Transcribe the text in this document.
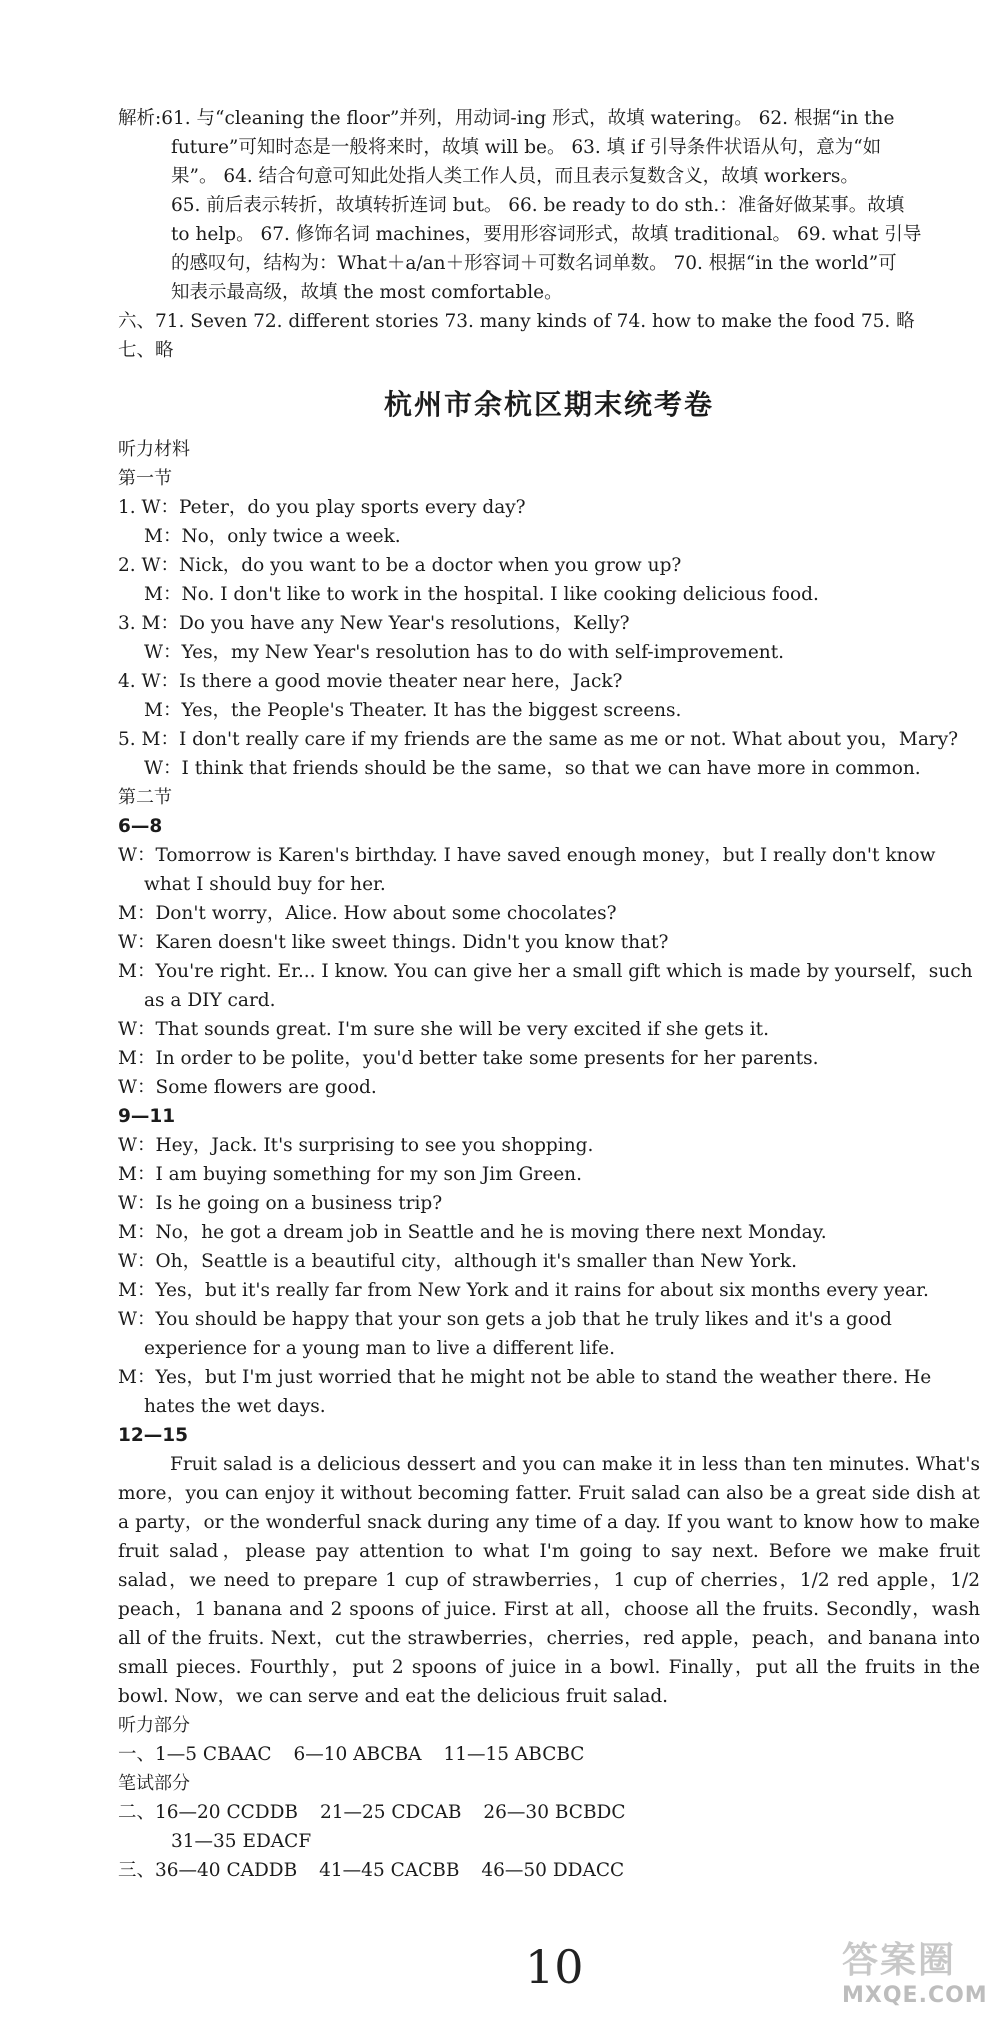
解析:61. 与“cleaning the floor”并列，用动词-ing 形式，故填 watering。 62. 根据“in the

future”可知时态是一般将来时，故填 will be。 63. 填 if 引导条件状语从句，意为“如

果”。 64. 结合句意可知此处指人类工作人员，而且表示复数含义，故填 workers。

65. 前后表示转折，故填转折连词 but。 66. be ready to do sth.：准备好做某事。故填

to help。 67. 修饰名词 machines，要用形容词形式，故填 traditional。 69. what 引导

的感叹句，结构为：What＋a/an＋形容词＋可数名词单数。 70. 根据“in the world”可

知表示最高级，故填 the most comfortable。

六、71. Seven 72. different stories 73. many kinds of 74. how to make the food 75. 略

七、略

杭州市余杭区期末统考卷

听力材料

第一节

1. W：Peter，do you play sports every day?

M：No，only twice a week.

2. W：Nick，do you want to be a doctor when you grow up?

M：No. I don't like to work in the hospital. I like cooking delicious food.

3. M：Do you have any New Year's resolutions，Kelly?

W：Yes，my New Year's resolution has to do with self-improvement.

4. W：Is there a good movie theater near here，Jack?

M：Yes，the People's Theater. It has the biggest screens.

5. M：I don't really care if my friends are the same as me or not. What about you，Mary?

W：I think that friends should be the same，so that we can have more in common.

第二节

6—8

W：Tomorrow is Karen's birthday. I have saved enough money，but I really don't know what I should buy for her.

M：Don't worry，Alice. How about some chocolates?

W：Karen doesn't like sweet things. Didn't you know that?

M：You're right. Er... I know. You can give her a small gift which is made by yourself，such as a DIY card.

W：That sounds great. I'm sure she will be very excited if she gets it.

M：In order to be polite，you'd better take some presents for her parents.

W：Some flowers are good.

9—11

W：Hey，Jack. It's surprising to see you shopping.

M：I am buying something for my son Jim Green.

W：Is he going on a business trip?

M：No，he got a dream job in Seattle and he is moving there next Monday.

W：Oh，Seattle is a beautiful city，although it's smaller than New York.

M：Yes，but it's really far from New York and it rains for about six months every year.

W：You should be happy that your son gets a job that he truly likes and it's a good experience for a young man to live a different life.

M：Yes，but I'm just worried that he might not be able to stand the weather there. He hates the wet days.

12—15

Fruit salad is a delicious dessert and you can make it in less than ten minutes. What's more，you can enjoy it without becoming fatter. Fruit salad can also be a great side dish at a party，or the wonderful snack during any time of a day. If you want to know how to make fruit salad，please pay attention to what I'm going to say next. Before we make fruit salad，we need to prepare 1 cup of strawberries，1 cup of cherries，1/2 red apple，1/2 peach，1 banana and 2 spoons of juice. First at all，choose all the fruits. Secondly，wash all of the fruits. Next，cut the strawberries，cherries，red apple，peach，and banana into small pieces. Fourthly，put 2 spoons of juice in a bowl. Finally，put all the fruits in the bowl. Now，we can serve and eat the delicious fruit salad.

听力部分

一、1—5 CBAAC 6—10 ABCBA 11—15 ABCBC

笔试部分

二、16—20 CCDDB 21—25 CDCAB 26—30 BCBDC

31—35 EDACF

三、36—40 CADDB 41—45 CACBB 46—50 DDACC

10	答案圈
MXQE.COM
